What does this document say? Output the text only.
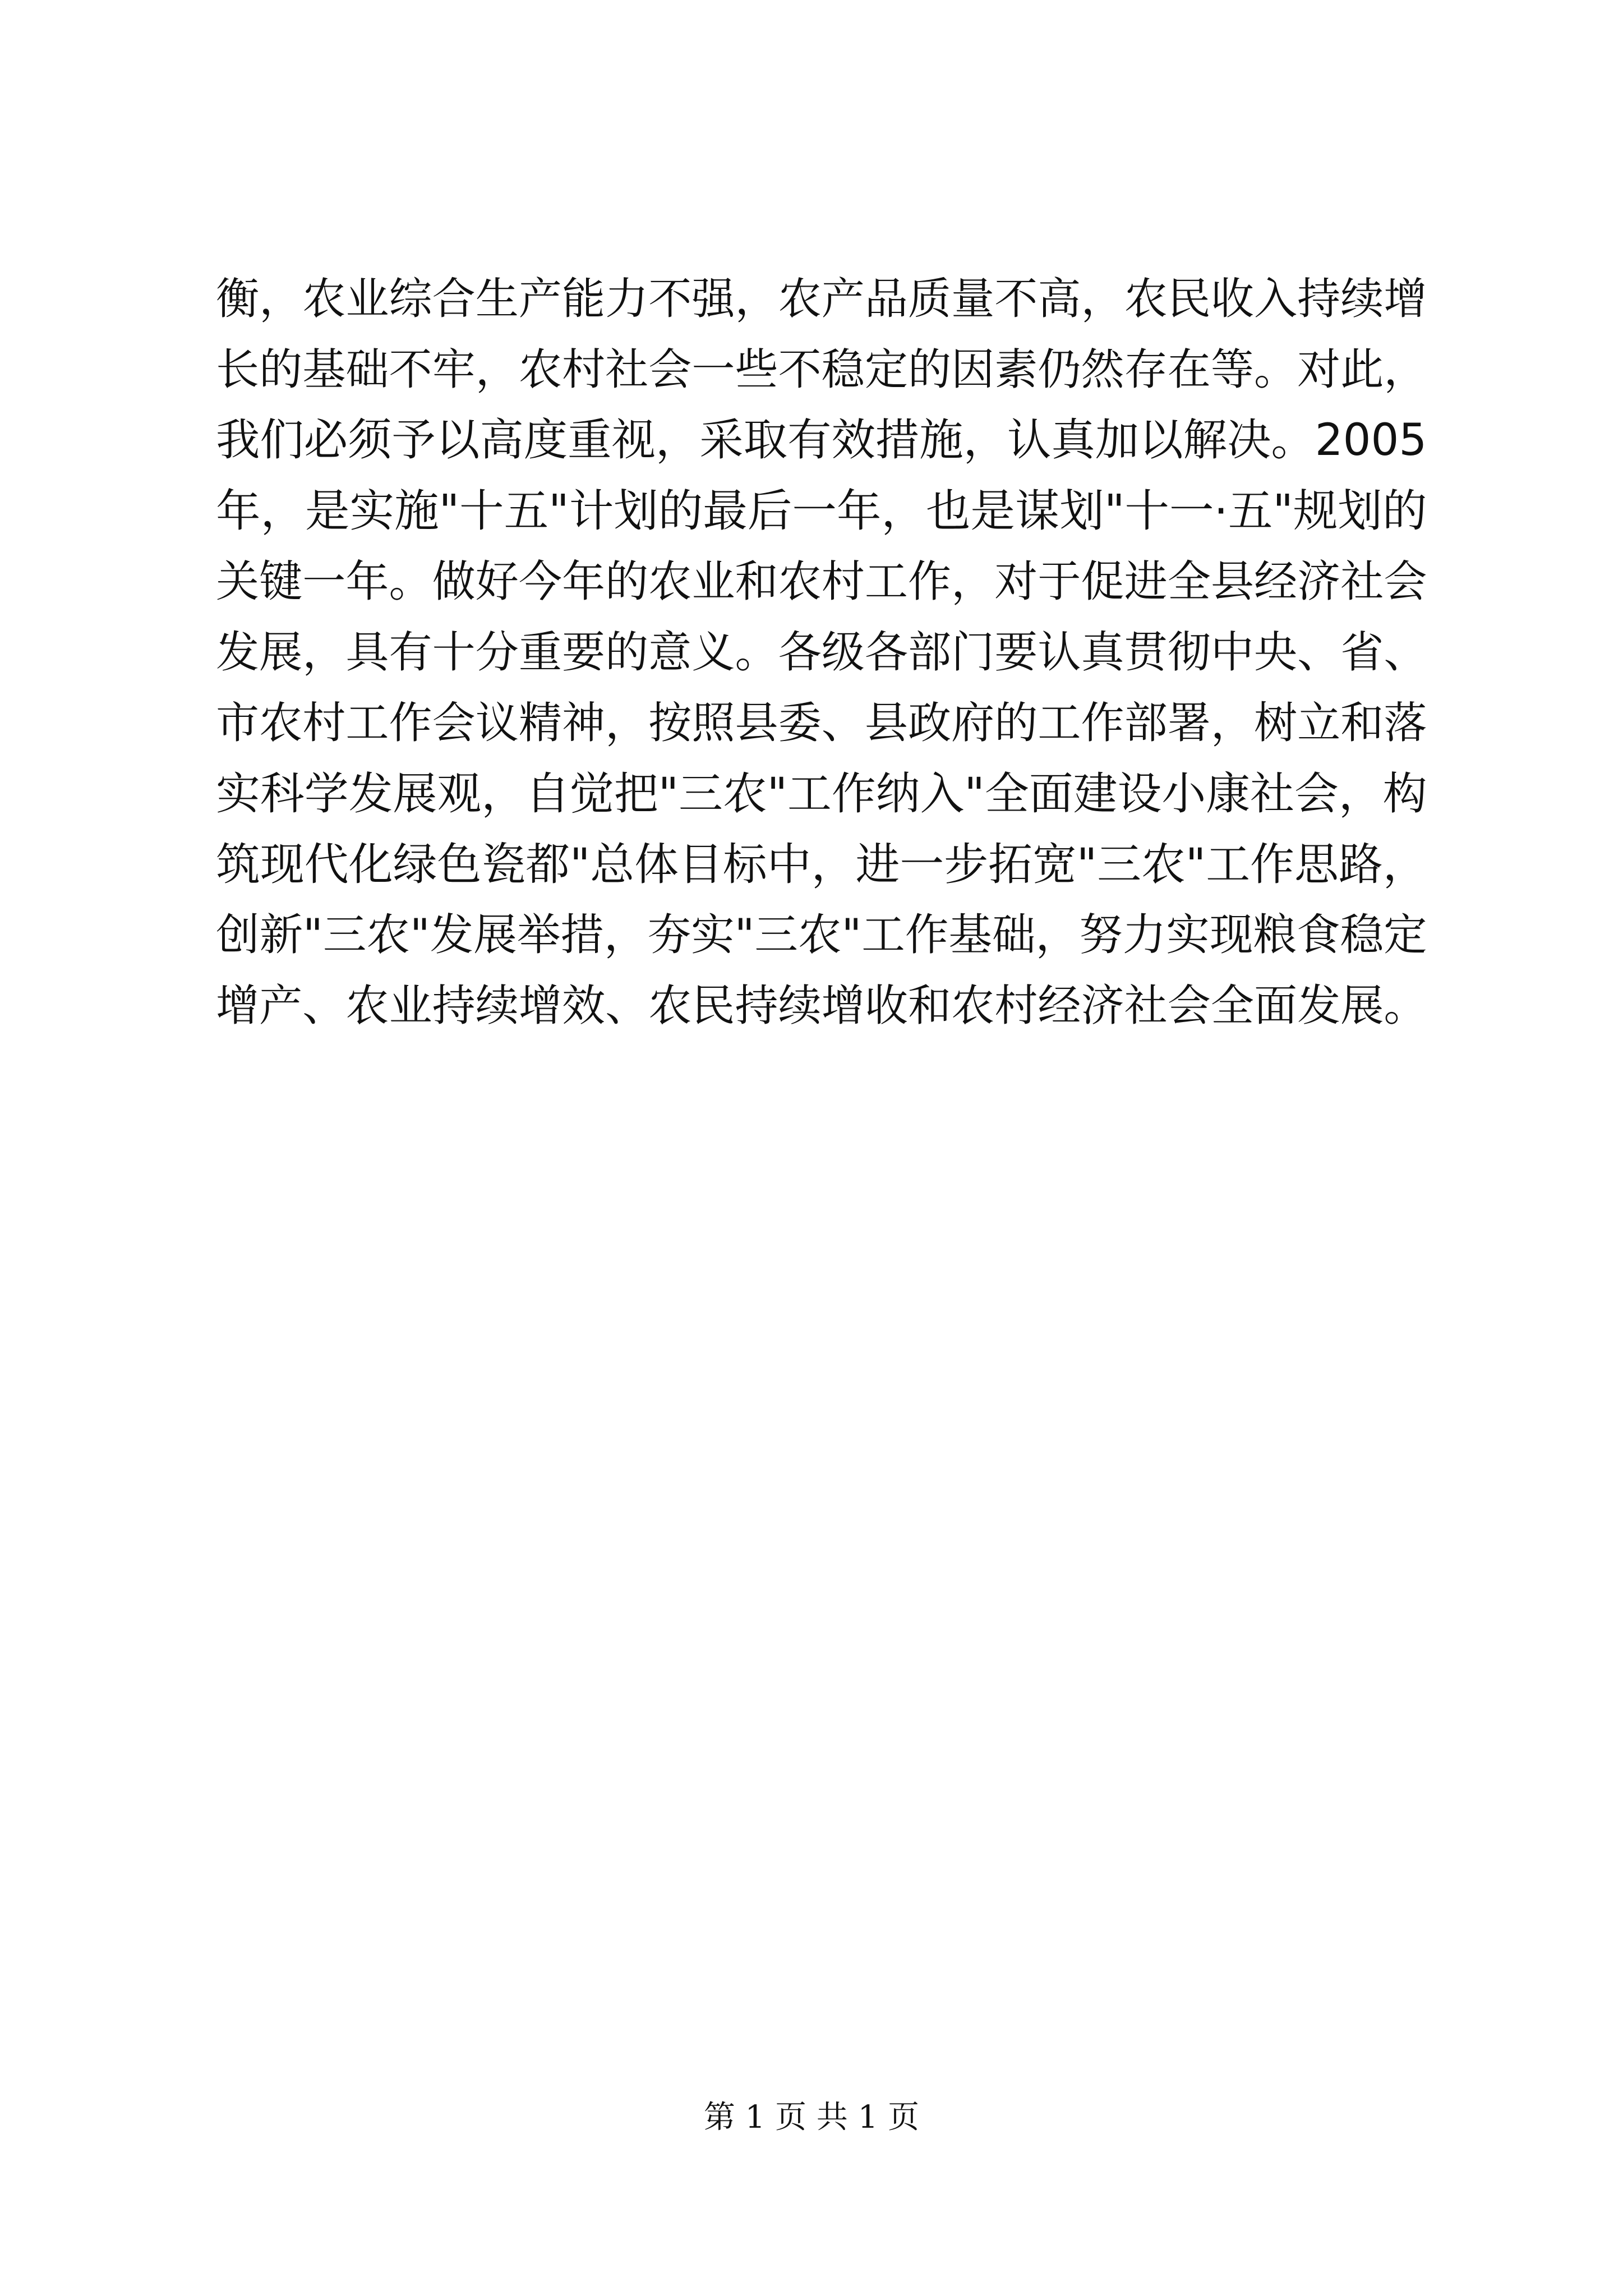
衡，农业综合生产能力不强，农产品质量不高，农民收入持续增
长的基础不牢，农村社会一些不稳定的因素仍然存在等。对此，
我们必须予以高度重视，采取有效措施，认真加以解决。2005
年，是实施"十五"计划的最后一年，也是谋划"十一·五"规划的
关键一年。做好今年的农业和农村工作，对于促进全县经济社会
发展，具有十分重要的意义。各级各部门要认真贯彻中央、省、
市农村工作会议精神，按照县委、县政府的工作部署，树立和落
实科学发展观，自觉把"三农"工作纳入"全面建设小康社会，构
筑现代化绿色瓷都"总体目标中，进一步拓宽"三农"工作思路，
创新"三农"发展举措，夯实"三农"工作基础，努力实现粮食稳定
增产、农业持续增效、农民持续增收和农村经济社会全面发展。
第 1 页 共 1 页
